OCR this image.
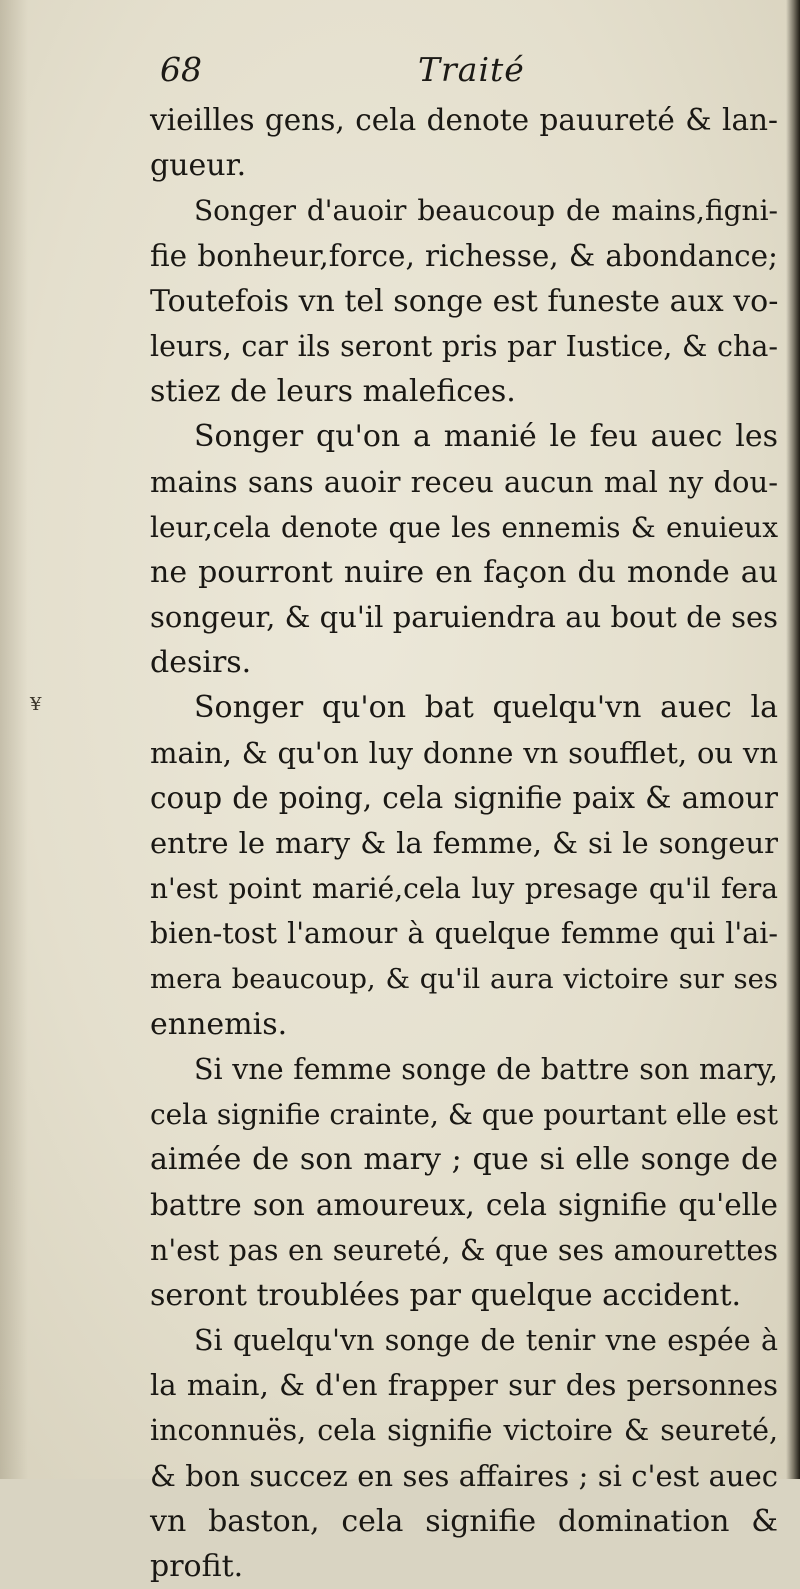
68	Traité
¥
vieilles gens, cela denote pauureté & lan-
gueur.
Songer d'auoir beaucoup de mains,figni-
fie bonheur,force, richesse, & abondance;
Toutefois vn tel songe est funeste aux vo-
leurs, car ils seront pris par Iustice, & cha-
stiez de leurs malefices.
Songer qu'on a manié le feu auec les
mains sans auoir receu aucun mal ny dou-
leur,cela denote que les ennemis & enuieux
ne pourront nuire en façon du monde au
songeur, & qu'il paruiendra au bout de ses
desirs.
Songer qu'on bat quelqu'vn auec la
main, & qu'on luy donne vn soufflet, ou vn
coup de poing, cela signifie paix & amour
entre le mary & la femme, & si le songeur
n'est point marié,cela luy presage qu'il fera
bien-tost l'amour à quelque femme qui l'ai-
mera beaucoup, & qu'il aura victoire sur ses
ennemis.
Si vne femme songe de battre son mary,
cela signifie crainte, & que pourtant elle est
aimée de son mary ; que si elle songe de
battre son amoureux, cela signifie qu'elle
n'est pas en seureté, & que ses amourettes
seront troublées par quelque accident.
Si quelqu'vn songe de tenir vne espée à
la main, & d'en frapper sur des personnes
inconnuës, cela signifie victoire & seureté,
& bon succez en ses affaires ; si c'est auec
vn baston, cela signifie domination &
profit.
